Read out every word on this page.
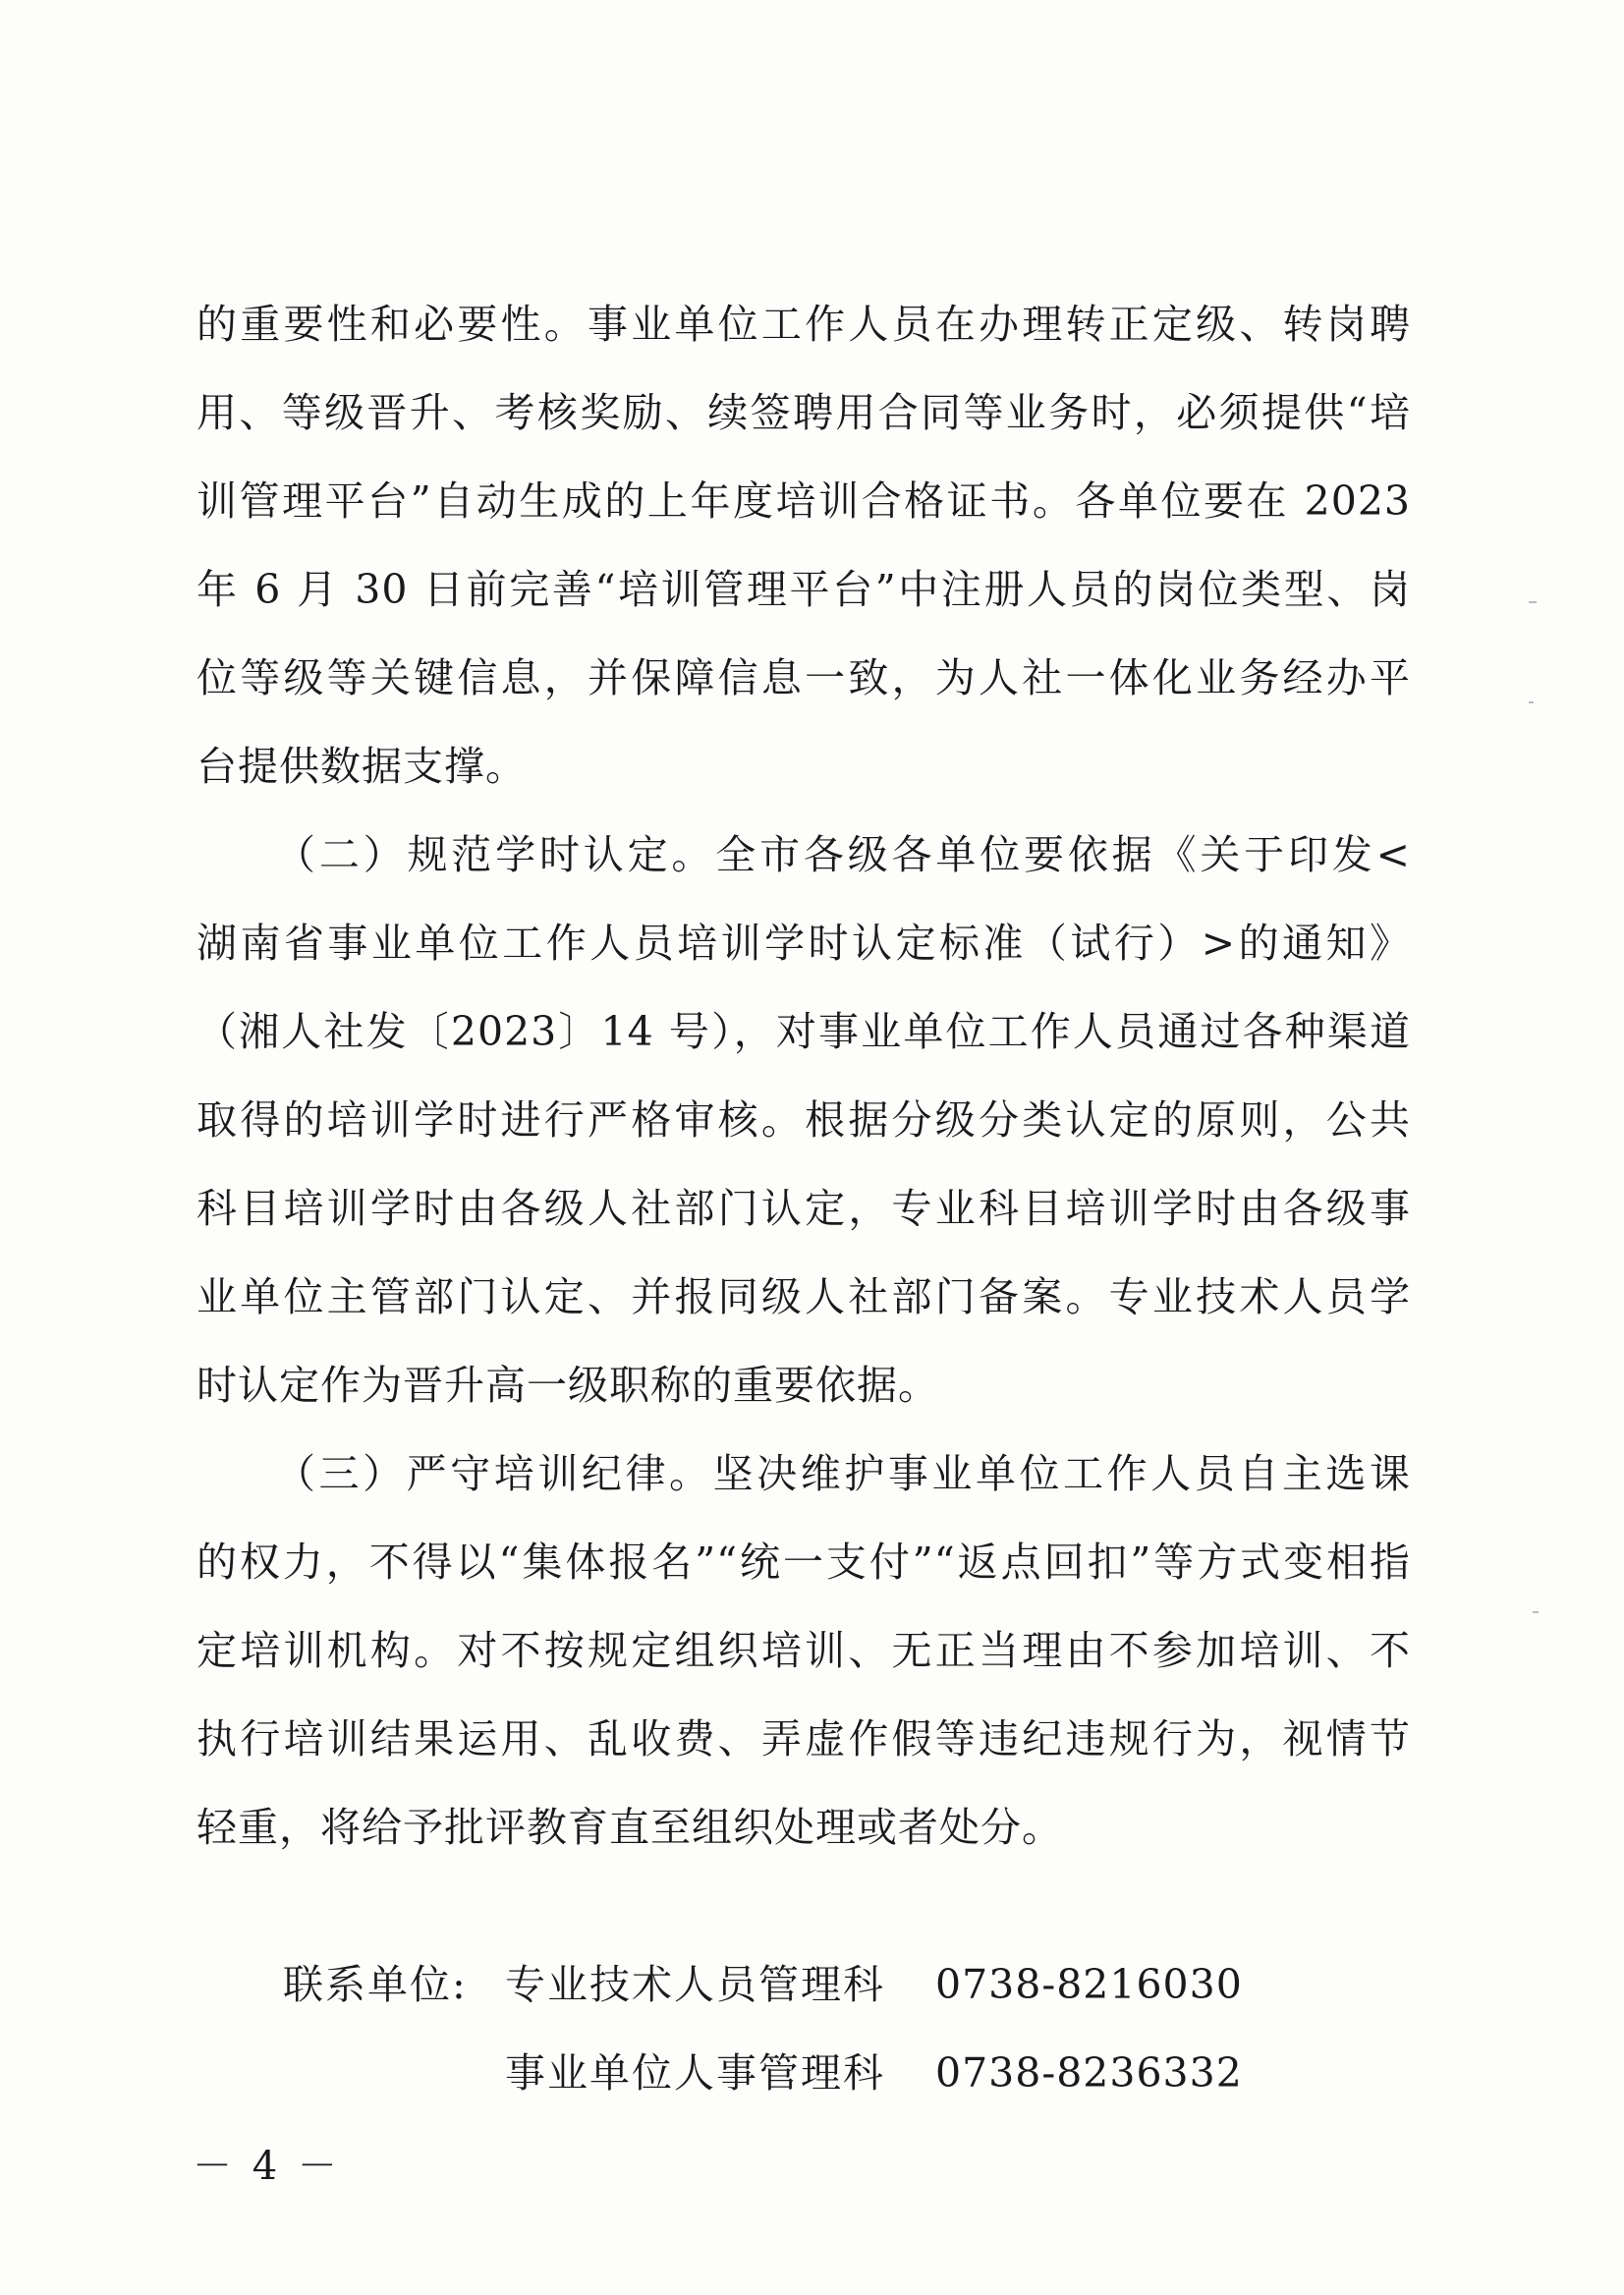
的重要性和必要性。事业单位工作人员在办理转正定级、转岗聘
用、等级晋升、考核奖励、续签聘用合同等业务时，必须提供“培
训管理平台”自动生成的上年度培训合格证书。各单位要在 2023
年 6 月 30 日前完善“培训管理平台”中注册人员的岗位类型、岗
位等级等关键信息，并保障信息一致，为人社一体化业务经办平
台提供数据支撑。
（二）规范学时认定。全市各级各单位要依据《关于印发<
湖南省事业单位工作人员培训学时认定标准（试行）>的通知》
（湘人社发〔2023〕14 号），对事业单位工作人员通过各种渠道
取得的培训学时进行严格审核。根据分级分类认定的原则，公共
科目培训学时由各级人社部门认定，专业科目培训学时由各级事
业单位主管部门认定、并报同级人社部门备案。专业技术人员学
时认定作为晋升高一级职称的重要依据。
（三）严守培训纪律。坚决维护事业单位工作人员自主选课
的权力，不得以“集体报名”“统一支付”“返点回扣”等方式变相指
定培训机构。对不按规定组织培训、无正当理由不参加培训、不
执行培训结果运用、乱收费、弄虚作假等违纪违规行为，视情节
轻重，将给予批评教育直至组织处理或者处分。
联系单位: 专业技术人员管理科 0738-8216030
事业单位人事管理科 0738-8236332
－ 4 －
